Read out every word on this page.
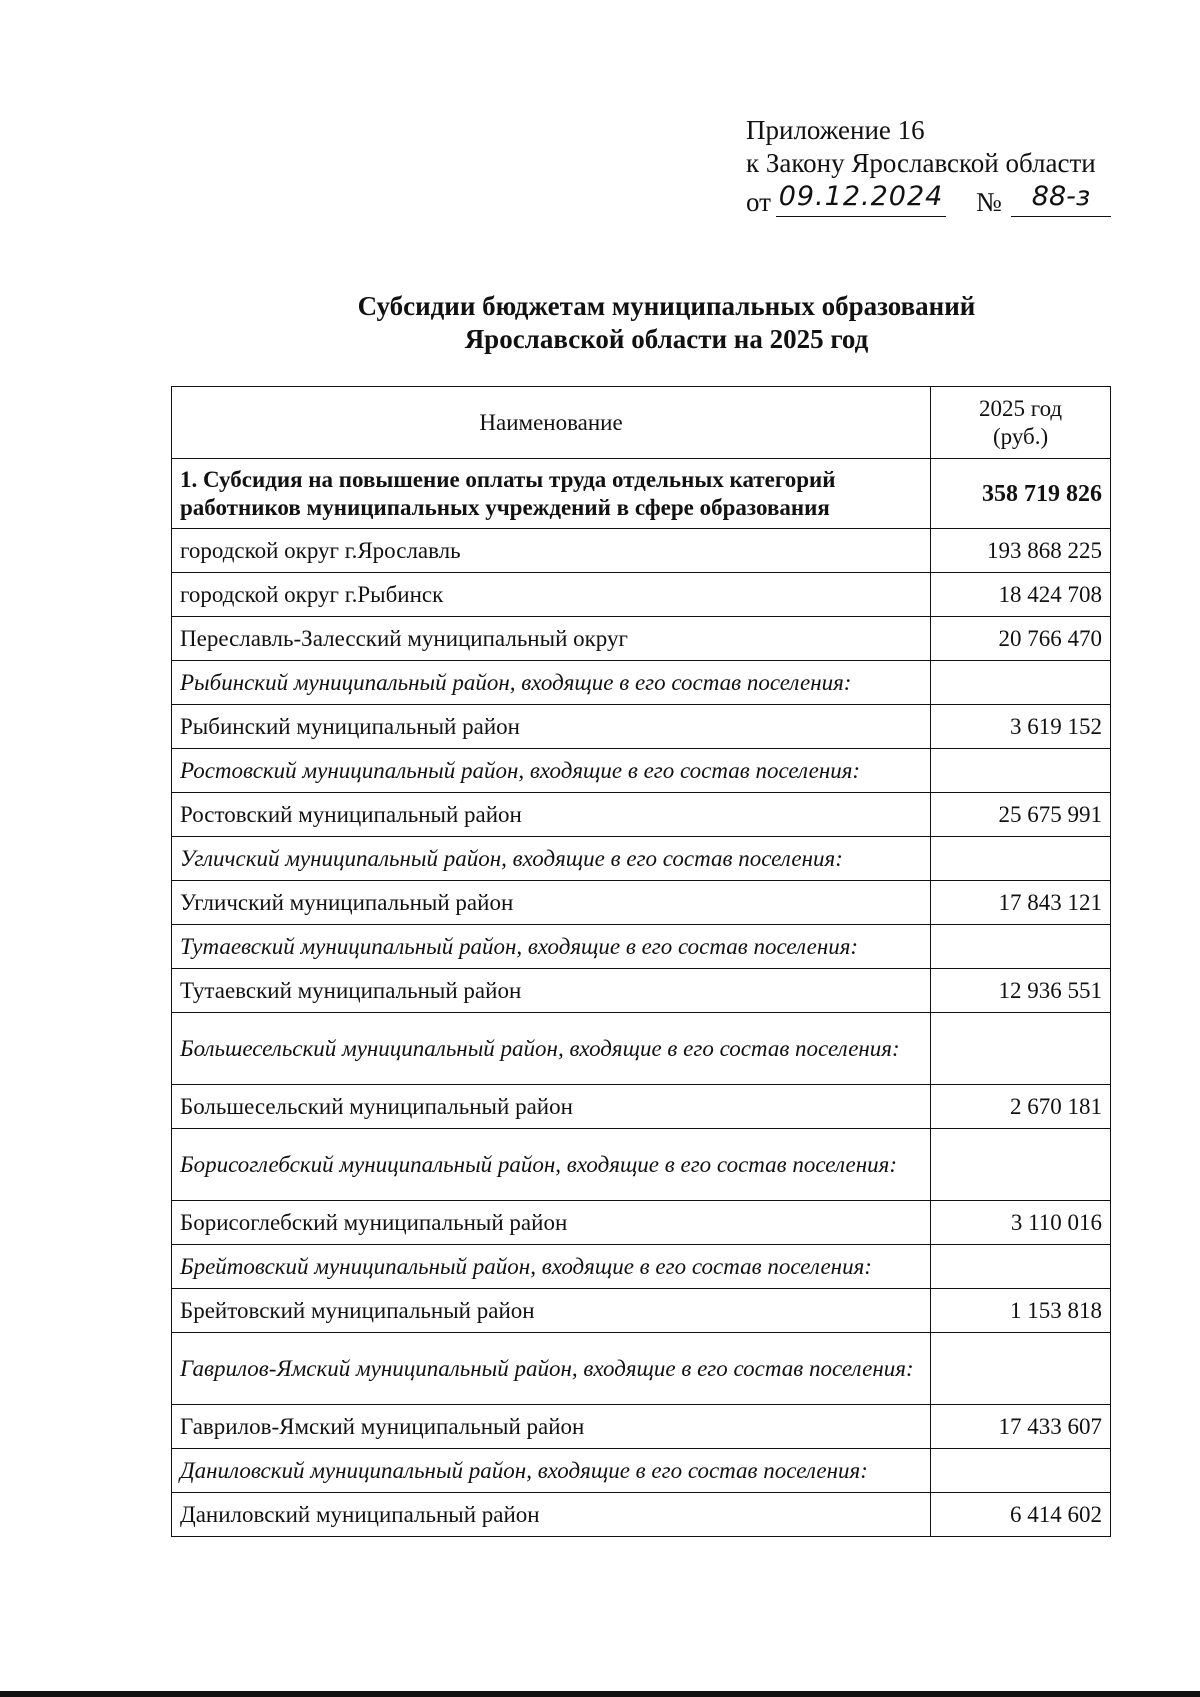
Приложение 16
к Закону Ярославской области
от 09.12.2024 №	88-з
Субсидии бюджетам муниципальных образований
Ярославской области на 2025 год
Наименование	2025 год
(руб.)

1. Субсидия на повышение оплаты труда отдельных категорий работников муниципальных учреждений в сфере образования	358 719 826
городской округ г.Ярославль	193 868 225
городской округ г.Рыбинск	18 424 708
Переславль-Залесский муниципальный округ	20 766 470
Рыбинский муниципальный район, входящие в его состав поселения:	
Рыбинский муниципальный район	3 619 152
Ростовский муниципальный район, входящие в его состав поселения:	
Ростовский муниципальный район	25 675 991
Угличский муниципальный район, входящие в его состав поселения:	
Угличский муниципальный район	17 843 121
Тутаевский муниципальный район, входящие в его состав поселения:	
Тутаевский муниципальный район	12 936 551
Большесельский муниципальный район, входящие в его состав поселения:	
Большесельский муниципальный район	2 670 181
Борисоглебский муниципальный район, входящие в его состав поселения:	
Борисоглебский муниципальный район	3 110 016
Брейтовский муниципальный район, входящие в его состав поселения:	
Брейтовский муниципальный район	1 153 818
Гаврилов-Ямский муниципальный район, входящие в его состав поселения:	
Гаврилов-Ямский муниципальный район	17 433 607
Даниловский муниципальный район, входящие в его состав поселения:	
Даниловский муниципальный район	6 414 602
